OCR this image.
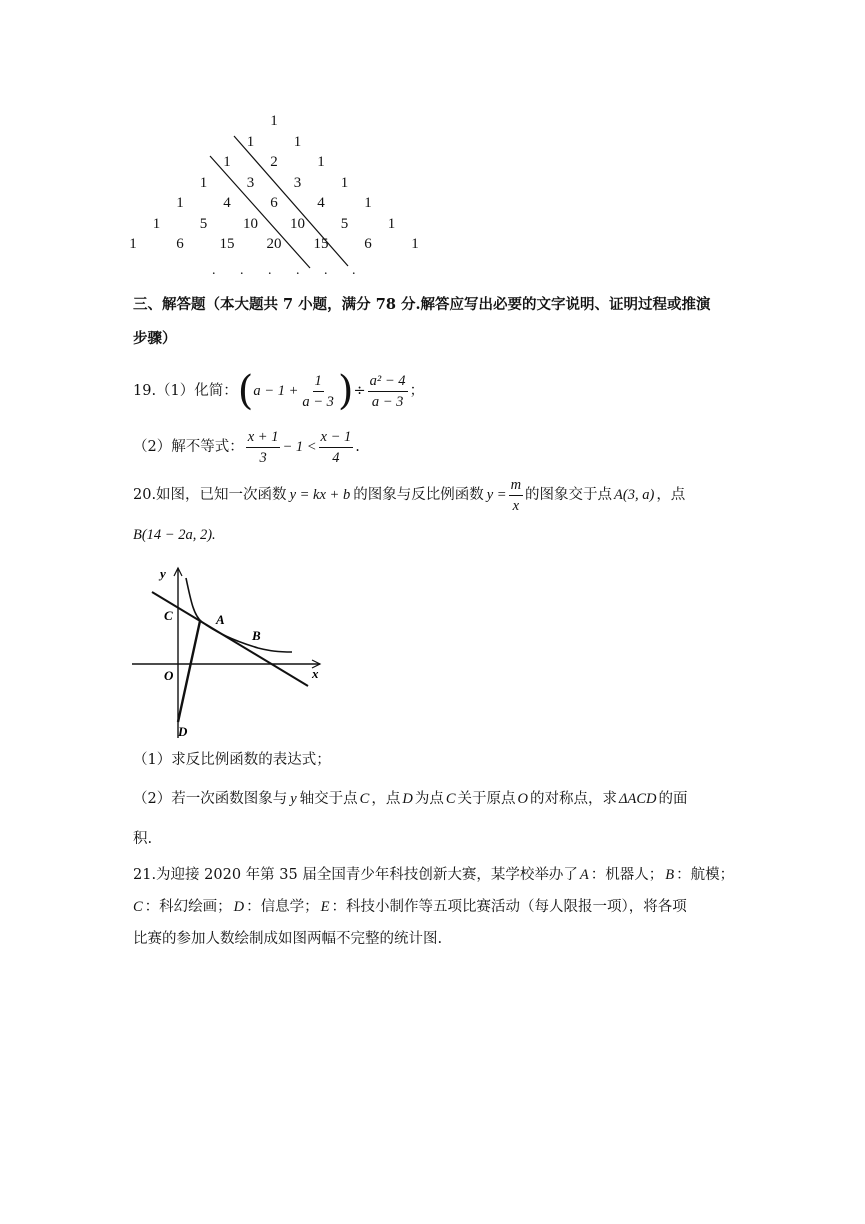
1
1	1
1	2	1
1	3	3	1
1	4	6	4	1
1	5 10 10 5	1
1	6 15 20 15 6	1
.       .       .       .       .       .
三、解答题（本大题共 7 小题，满分 78 分.解答应写出必要的文字说明、证明过程或推演
步骤）
19.（1）化简： ( $a - 1 + \frac{1}{a - 3}$ ) ÷ $\frac{\text{a² − 4}}{a - 3}$ ；
（2）解不等式： $\frac{x + 1}{3} - 1 < \frac{x - 1}{4}$ .
20.如图，已知一次函数 y = kx + b 的图象与反比例函数 $y = \frac{m}{x}$ 的图象交于点 A(3, a) ，点
B(14 − 2a, 2).
y
x
C	A
B
O
D
（1）求反比例函数的表达式；
（2）若一次函数图象与 y 轴交于点 C ，点 D 为点 C 关于原点 O 的对称点，求 ΔACD 的面
积.
21.为迎接 2020 年第 35 届全国青少年科技创新大赛，某学校举办了 A ：机器人； B ：航模；
C ：科幻绘画； D ：信息学； E ：科技小制作等五项比赛活动（每人限报一项），将各项
比赛的参加人数绘制成如图两幅不完整的统计图.
